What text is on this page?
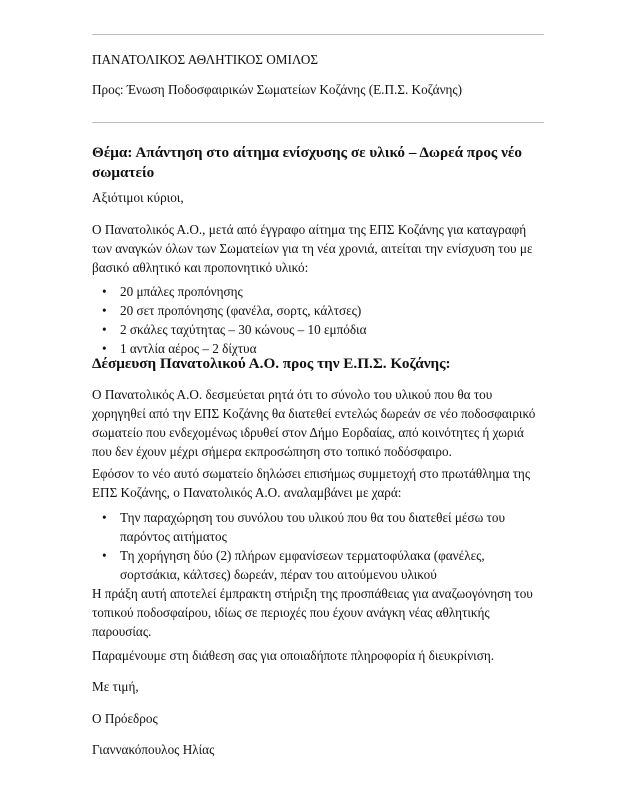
ΠΑΝΑΤΟΛΙΚΟΣ ΑΘΛΗΤΙΚΟΣ ΟΜΙΛΟΣ

Προς: Ένωση Ποδοσφαιρικών Σωματείων Κοζάνης (Ε.Π.Σ. Κοζάνης)

Θέμα: Απάντηση στο αίτημα ενίσχυσης σε υλικό – Δωρεά προς νέο σωματείο

Αξιότιμοι κύριοι,

Ο Πανατολικός Α.Ο., μετά από έγγραφο αίτημα της ΕΠΣ Κοζάνης για καταγραφή των αναγκών όλων των Σωματείων για τη νέα χρονιά, αιτείται την ενίσχυση του με βασικό αθλητικό και προπονητικό υλικό:

• 20 μπάλες προπόνησης
• 20 σετ προπόνησης (φανέλα, σορτς, κάλτσες)
• 2 σκάλες ταχύτητας – 30 κώνους – 10 εμπόδια
• 1 αντλία αέρος – 2 δίχτυα

Δέσμευση Πανατολικού Α.Ο. προς την Ε.Π.Σ. Κοζάνης:

Ο Πανατολικός Α.Ο. δεσμεύεται ρητά ότι το σύνολο του υλικού που θα του χορηγηθεί από την ΕΠΣ Κοζάνης θα διατεθεί εντελώς δωρεάν σε νέο ποδοσφαιρικό σωματείο που ενδεχομένως ιδρυθεί στον Δήμο Εορδαίας, από κοινότητες ή χωριά που δεν έχουν μέχρι σήμερα εκπροσώπηση στο τοπικό ποδόσφαιρο.

Εφόσον το νέο αυτό σωματείο δηλώσει επισήμως συμμετοχή στο πρωτάθλημα της ΕΠΣ Κοζάνης, ο Πανατολικός Α.Ο. αναλαμβάνει με χαρά:

• Την παραχώρηση του συνόλου του υλικού που θα του διατεθεί μέσω του παρόντος αιτήματος
• Τη χορήγηση δύο (2) πλήρων εμφανίσεων τερματοφύλακα (φανέλες, σορτσάκια, κάλτσες) δωρεάν, πέραν του αιτούμενου υλικού

Η πράξη αυτή αποτελεί έμπρακτη στήριξη της προσπάθειας για αναζωογόνηση του τοπικού ποδοσφαίρου, ιδίως σε περιοχές που έχουν ανάγκη νέας αθλητικής παρουσίας.

Παραμένουμε στη διάθεση σας για οποιαδήποτε πληροφορία ή διευκρίνιση.

Με τιμή,

Ο Πρόεδρος

Γιαννακόπουλος Ηλίας
